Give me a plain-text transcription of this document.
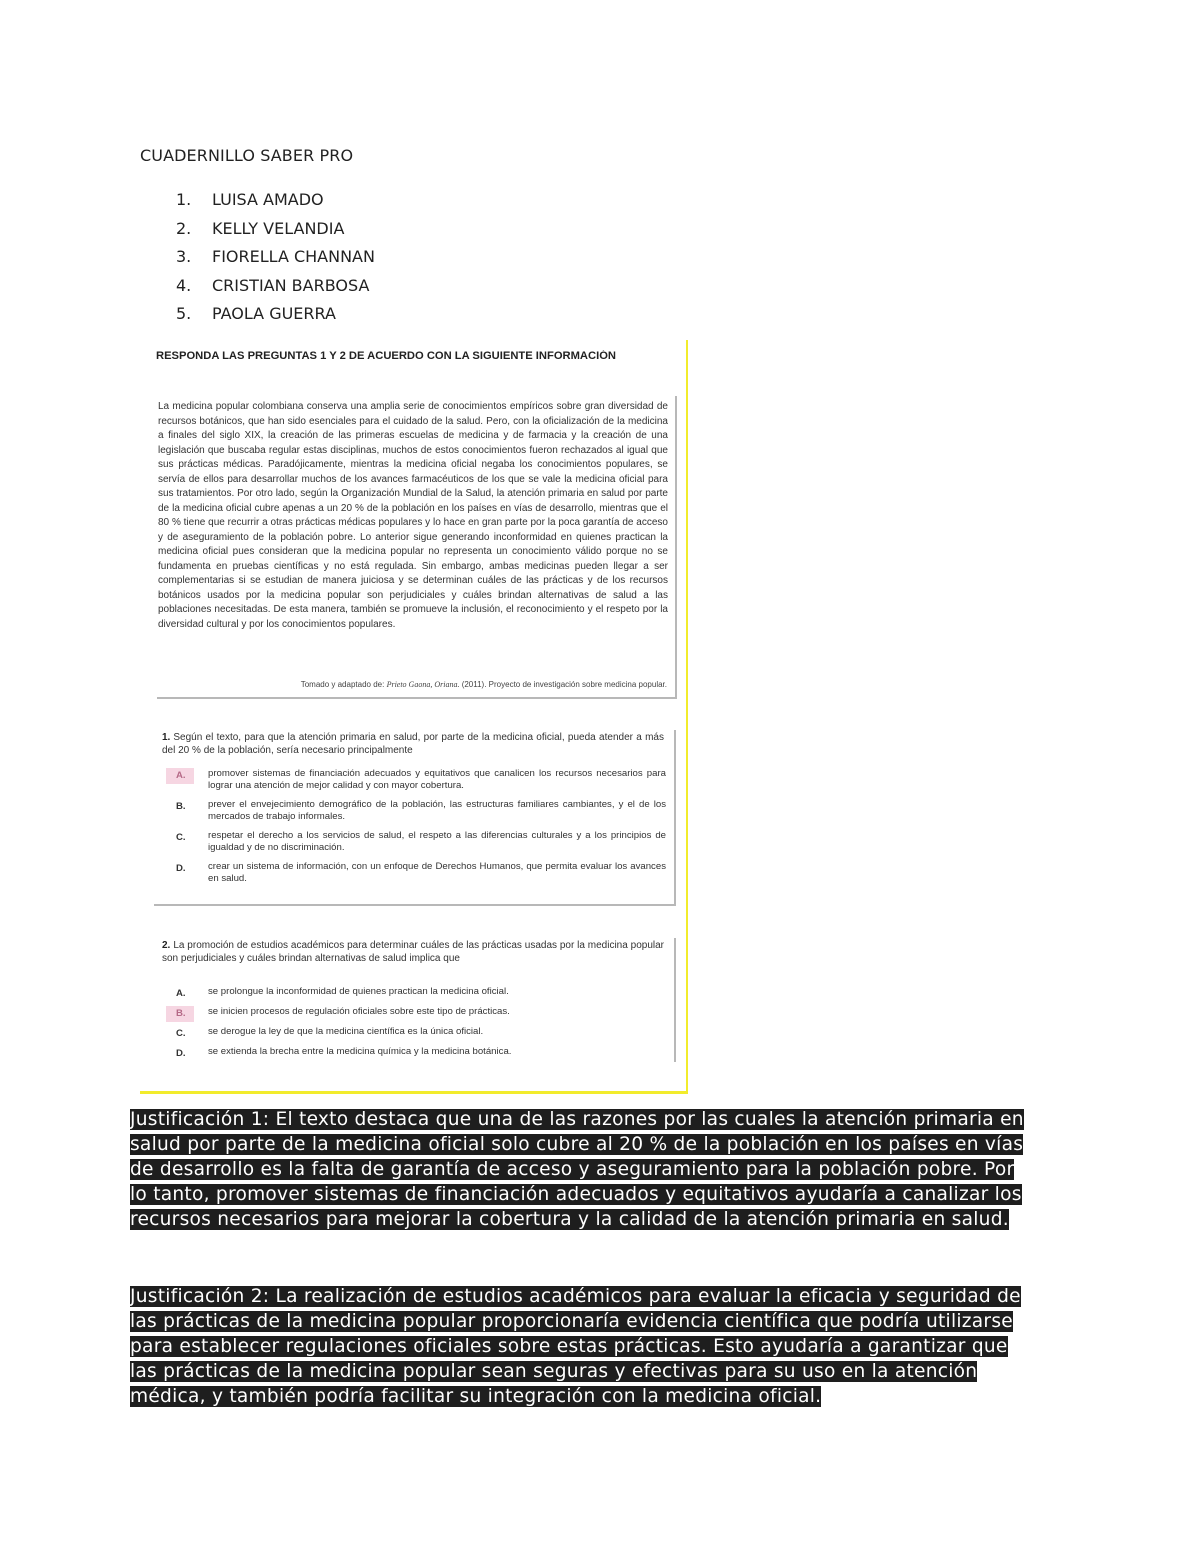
CUADERNILLO SABER PRO
1.	LUISA AMADO
2.	KELLY VELANDIA
3.	FIORELLA CHANNAN
4.	CRISTIAN BARBOSA
5.	PAOLA GUERRA
RESPONDA LAS PREGUNTAS 1 Y 2 DE ACUERDO CON LA SIGUIENTE INFORMACIÓN

La medicina popular colombiana conserva una amplia serie de conocimientos empíricos sobre gran diversidad de recursos botánicos, que han sido esenciales para el cuidado de la salud. Pero, con la oficialización de la medicina a finales del siglo XIX, la creación de las primeras escuelas de medicina y de farmacia y la creación de una legislación que buscaba regular estas disciplinas, muchos de estos conocimientos fueron rechazados al igual que sus prácticas médicas. Paradójicamente, mientras la medicina oficial negaba los conocimientos populares, se servía de ellos para desarrollar muchos de los avances farmacéuticos de los que se vale la medicina oficial para sus tratamientos. Por otro lado, según la Organización Mundial de la Salud, la atención primaria en salud por parte de la medicina oficial cubre apenas a un 20 % de la población en los países en vías de desarrollo, mientras que el 80 % tiene que recurrir a otras prácticas médicas populares y lo hace en gran parte por la poca garantía de acceso y de aseguramiento de la población pobre. Lo anterior sigue generando inconformidad en quienes practican la medicina oficial pues consideran que la medicina popular no representa un conocimiento válido porque no se fundamenta en pruebas científicas y no está regulada. Sin embargo, ambas medicinas pueden llegar a ser complementarias si se estudian de manera juiciosa y se determinan cuáles de las prácticas y de los recursos botánicos usados por la medicina popular son perjudiciales y cuáles brindan alternativas de salud a las poblaciones necesitadas. De esta manera, también se promueve la inclusión, el reconocimiento y el respeto por la diversidad cultural y por los conocimientos populares.

Tomado y adaptado de: Prieto Gaona, Oriana. (2011). Proyecto de investigación sobre medicina popular.

1. Según el texto, para que la atención primaria en salud, por parte de la medicina oficial, pueda atender a más del 20 % de la población, sería necesario principalmente

A.	promover sistemas de financiación adecuados y equitativos que canalicen los recursos necesarios para lograr una atención de mejor calidad y con mayor cobertura.
B.	prever el envejecimiento demográfico de la población, las estructuras familiares cambiantes, y el de los mercados de trabajo informales.
C.	respetar el derecho a los servicios de salud, el respeto a las diferencias culturales y a los principios de igualdad y de no discriminación.
D.	crear un sistema de información, con un enfoque de Derechos Humanos, que permita evaluar los avances en salud.

2. La promoción de estudios académicos para determinar cuáles de las prácticas usadas por la medicina popular son perjudiciales y cuáles brindan alternativas de salud implica que

A.	se prolongue la inconformidad de quienes practican la medicina oficial.
B.	se inicien procesos de regulación oficiales sobre este tipo de prácticas.
C.	se derogue la ley de que la medicina científica es la única oficial.
D.	se extienda la brecha entre la medicina química y la medicina botánica.

Justificación 1: El texto destaca que una de las razones por las cuales la atención primaria en salud por parte de la medicina oficial solo cubre al 20 % de la población en los países en vías de desarrollo es la falta de garantía de acceso y aseguramiento para la población pobre. Por lo tanto, promover sistemas de financiación adecuados y equitativos ayudaría a canalizar los recursos necesarios para mejorar la cobertura y la calidad de la atención primaria en salud.

Justificación 2: La realización de estudios académicos para evaluar la eficacia y seguridad de las prácticas de la medicina popular proporcionaría evidencia científica que podría utilizarse para establecer regulaciones oficiales sobre estas prácticas. Esto ayudaría a garantizar que las prácticas de la medicina popular sean seguras y efectivas para su uso en la atención médica, y también podría facilitar su integración con la medicina oficial.
